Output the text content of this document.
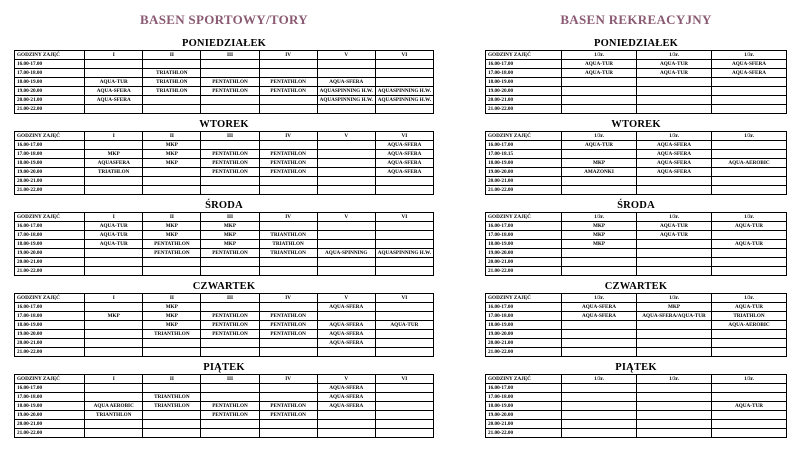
BASEN SPORTOWY/TORY
PONIEDZIAŁEK
GODZINY ZAJĘĆ	I	II	III	IV	V	VI
16.00-17.00						
17.00-18.00		TRIATHLON				
18.00-19.00	AQUA-TUR	TRIATHLON	PENTATHLON	PENTATHLON	AQUA-SFERA	
19.00-20.00	AQUA-SFERA	TRIATHLON	PENTATHLON	PENTATHLON	AQUASPINNING H.W.	AQUASPINNING H.W.
20.00-21.00	AQUA-SFERA				AQUASPINNING H.W.	AQUASPINNING H.W.
21.00-22.00						
WTOREK
GODZINY ZAJĘĆ	I	II	III	IV	V	VI
16.00-17.00		MKP				AQUA-SFERA
17.00-18.00	MKP	MKP	PENTATHLON	PENTATHLON		AQUA-SFERA
18.00-19.00	AQUASFERA	MKP	PENTATHLON	PENTATHLON		AQUA-SFERA
19.00-20.00	TRIATHLON		PENTATHLON	PENTATHLON		AQUA-SFERA
20.00-21.00						
21.00-22.00						
ŚRODA
GODZINY ZAJĘĆ	I	II	III	IV	V	VI
16.00-17.00	AQUA-TUR	MKP	MKP			
17.00-18.00	AQUA-TUR	MKP	MKP	TRIANTHLON		
18.00-19.00	AQUA-TUR	PENTATHLON	MKP	TRIATHLON		
19.00-20.00		PENTATHLON	PENTATHLON	TRIANTHLON	AQUA-SPINNING	AQUASPINNING H.W.
20.00-21.00						
21.00-22.00						
CZWARTEK
GODZINY ZAJĘĆ	I	II	III	IV	V	VI
16.00-17.00		MKP			AQUA-SFERA	
17.00-18.00	MKP	MKP	PENTATHLON	PENTATHLON		
18.00-19.00		MKP	PENTATHLON	PENTATHLON	AQUA-SFERA	AQUA-TUR
19.00-20.00		TRIANTHLON	PENTATHLON	PENTATHLON	AQUA-SFERA	
20.00-21.00					AQUA-SFERA	
21.00-22.00						
PIĄTEK
GODZINY ZAJĘĆ	I	II	III	IV	V	VI
16.00-17.00					AQUA-SFERA	
17.00-18.00		TRIANTHLON			AQUA-SFERA	
18.00-19.00	AQUA AEROBIC	TRIANTHLON	PENTATHLON	PENTATHLON	AQUA-SFERA	
19.00-20.00	TRIANTHLON		PENTATHLON	PENTATHLON		
20.00-21.00						
21.00-22.00						
BASEN REKREACYJNY
PONIEDZIAŁEK
GODZINY ZAJĘĆ	1/3r.	1/3r.	1/3r.
16.00-17.00	AQUA-TUR	AQUA-TUR	AQUA-SFERA
17.00-18.00	AQUA-TUR	AQUA-TUR	AQUA-SFERA
18.00-19.00			
19.00-20.00			
20.00-21.00			
21.00-22.00			
WTOREK
GODZINY ZAJĘĆ	1/3r.	1/3r.	1/3r.
16.00-17.00	AQUA-TUR	AQUA-SFERA	
17.00-18.15		AQUA-SFERA	
18.00-19.00	MKP	AQUA-SFERA	AQUA-AEROBIC
19.00-20.00	AMAZONKI	AQUA-SFERA	
20.00-21.00			
21.00-22.00			
ŚRODA
GODZINY ZAJĘĆ	1/3r.	1/3r.	1/3r.
16.00-17.00	MKP	AQUA-TUR	AQUA-TUR
17.00-18.00	MKP	AQUA-TUR	
18.00-19.00	MKP		AQUA-TUR
19.00-20.00			
20.00-21.00			
21.00-22.00			
CZWARTEK
GODZINY ZAJĘĆ	1/3r.	1/3r.	1/3r.
16.00-17.00	AQUA-SFERA	MKP	AQUA-TUR
17.00-18.00	AQUA-SFERA	AQUA-SFERA/AQUA-TUR	TRIATHLON
18.00-19.00			AQUA-AEROBIC
19.00-20.00			
20.00-21.00			
21.00-22.00			
PIĄTEK
GODZINY ZAJĘĆ	1/3r.	1/3r.	1/3r.
16.00-17.00			
17.00-18.00			
18.00-19.00			AQUA-TUR
19.00-20.00			
20.00-21.00			
21.00-22.00			
